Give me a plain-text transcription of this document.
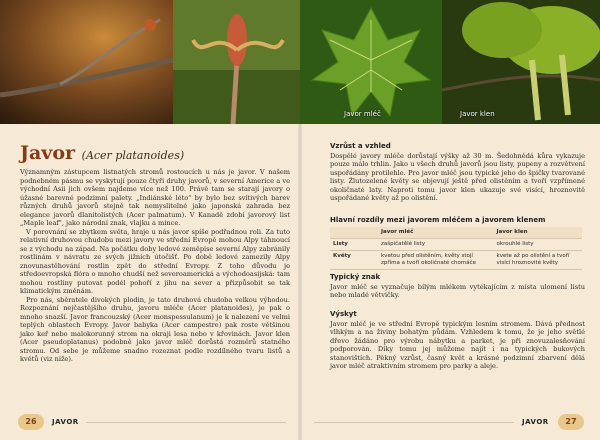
Javor mléč	Javor klen
Javor (Acer platanoides)

Významným zástupcem listnatých stromů rostoucích u nás je javor. V našem podnebném pásmu se vyskytují pouze čtyři druhy javorů, v severní Americe a ve východní Asii jich ovšem najdeme více než 100. Právě tam se starají javory o úžasné barevné podzimní palety. „Indiánské léto" by bylo bez svítivých barev různých druhů javorů stejně tak nemyslitelné jako japonská zahrada bez elegance javorů dlanitolistých (Acer palmatum). V Kanadě zdobí javorový list „Maple leaf", jako národní znak, vlajku a mince.

V porovnání se zbytkem světa, hraje u nás javor spíše podřadnou roli. Za tuto relativní druhovou chudobu mezi javory ve střední Evropě mohou Alpy táhnoucí se z východu na západ. Na počátku doby ledové zeměpise severní Alpy zabránily rostlinám v návratu ze svých jižních útočišť. Po době ledové zamezily Alpy znovunastěhování rostlin zpět do střední Evropy. Z toho důvodu je středoevropská flóra o mnoho chudší než severoamerická a východoasijská: tam mohou rostliny putovat podél pohoří z jihu na sever a přizpůsobit se tak klimatickým změnám.

Pro nás, sběratele divokých plodin, je tato druhová chudoba velkou výhodou. Rozpoznání nejčastějšího druhu, javoru mléče (Acer platanoides), je pak o mnoho snazší. Javor francouzský (Acer monspessulanum) je k nalezení ve velmi teplých oblastech Evropy. Javor babyka (Acer campestre) pak roste většinou jako keř nebo malokorunný strom na okraji lesa nebo v křovinách. Javor klen (Acer pseudoplatanus) podobně jako javor mléč dorůstá rozměrů statného stromu. Od sebe je můžeme snadno rozeznat podle rozdílného tvaru listů a květů (viz níže).

Vzrůst a vzhled

Dospělé javory mléče dorůstají výšky až 30 m. Šedohnědá kůra vykazuje pouze málo trhlin. Jako u všech druhů javorů jsou listy, pupeny a rozvětvení uspořádány protilehle. Pro javor mléč jsou typické jeho do špičky tvarované listy. Žlutozelené květy se objevují ještě před olistěním a tvoří vzpřímené okoličnaté laty. Naproti tomu javor klen ukazuje své visící, hroznovitě uspořádané květy až po olistění.

Hlavní rozdíly mezi javorem mléčem a javorem klenem
	Javor mléč	Javor klen
Listy	zašpičatělé listy	okrouhlé listy
Květy	kvetou před olistěním, květy stojí zpříma a tvoří okoličnaté chomáče	kvete až po olistění a tvoří visící hroznovité květy
Typický znak

Javor mléč se vyznačuje bílým mlékem vytékajícím z místa ulomení listu nebo mladé větvičky.

Výskyt

Javor mléč je ve střední Evropě typickým lesním stromem. Dává přednost vlhkým a na živiny bohatým půdám. Vzhledem k tomu, že je jeho světlé dřevo žádáno pro výrobu nábytku a parket, je při znovuzalesňování podporován. Díky tomu jej můžeme najít i na typických bukových stanovištích. Pěkný vzrůst, časný květ a krásné podzimní zbarvení dělá javor mléč atraktivním stromem pro parky a aleje.

26	JAVOR	JAVOR	27
